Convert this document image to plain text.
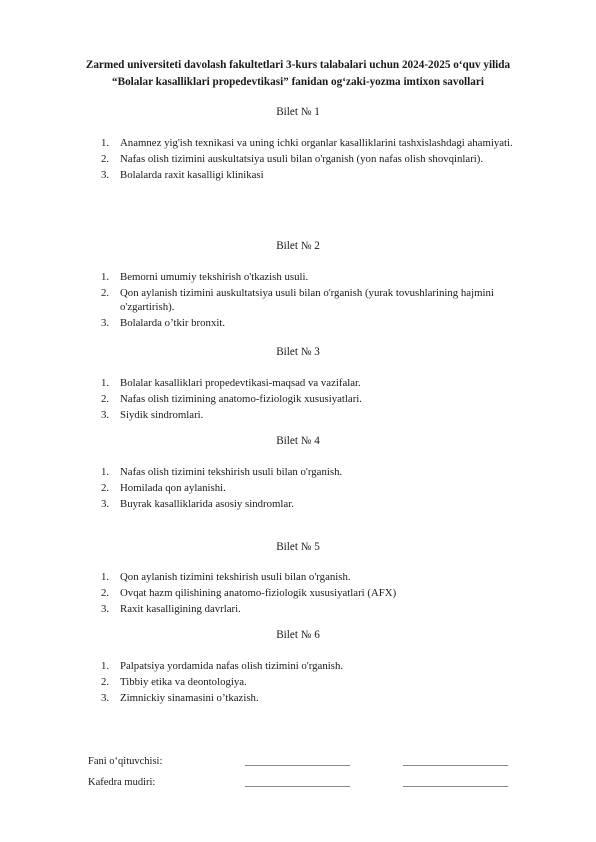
Zarmed universiteti davolash fakultetlari 3-kurs talabalari uchun 2024-2025 o‘quv yilida
“Bolalar kasalliklari propedevtikasi” fanidan og‘zaki-yozma imtixon savollari
Bilet № 1
1. Anamnez yig'ish texnikasi va uning ichki organlar kasalliklarini tashxislashdagi ahamiyati.
2. Nafas olish tizimini auskultatsiya usuli bilan o'rganish (yon nafas olish shovqinlari).
3. Bolalarda raxit kasalligi klinikasi
Bilet № 2
1. Bemorni umumiy tekshirish o'tkazish usuli.
2. Qon aylanish tizimini auskultatsiya usuli bilan o'rganish (yurak tovushlarining hajmini o'zgartirish).
3. Bolalarda o’tkir bronxit.
Bilet № 3
1. Bolalar kasalliklari propedevtikasi-maqsad va vazifalar.
2. Nafas olish tizimining anatomo-fiziologik xususiyatlari.
3. Siydik sindromlari.
Bilet № 4
1. Nafas olish tizimini tekshirish usuli bilan o'rganish.
2. Homilada qon aylanishi.
3. Buyrak kasalliklarida asosiy sindromlar.
Bilet № 5
1. Qon aylanish tizimini tekshirish usuli bilan o'rganish.
2. Ovqat hazm qilishining anatomo-fiziologik xususiyatlari (AFX)
3. Raxit kasalligining davrlari.
Bilet № 6
1. Palpatsiya yordamida nafas olish tizimini o'rganish.
2. Tibbiy etika va deontologiya.
3. Zimnickiy sinamasini o’tkazish.
Fani o‘qituvchisi:	____________________	____________________
Kafedra mudiri:	____________________	____________________
